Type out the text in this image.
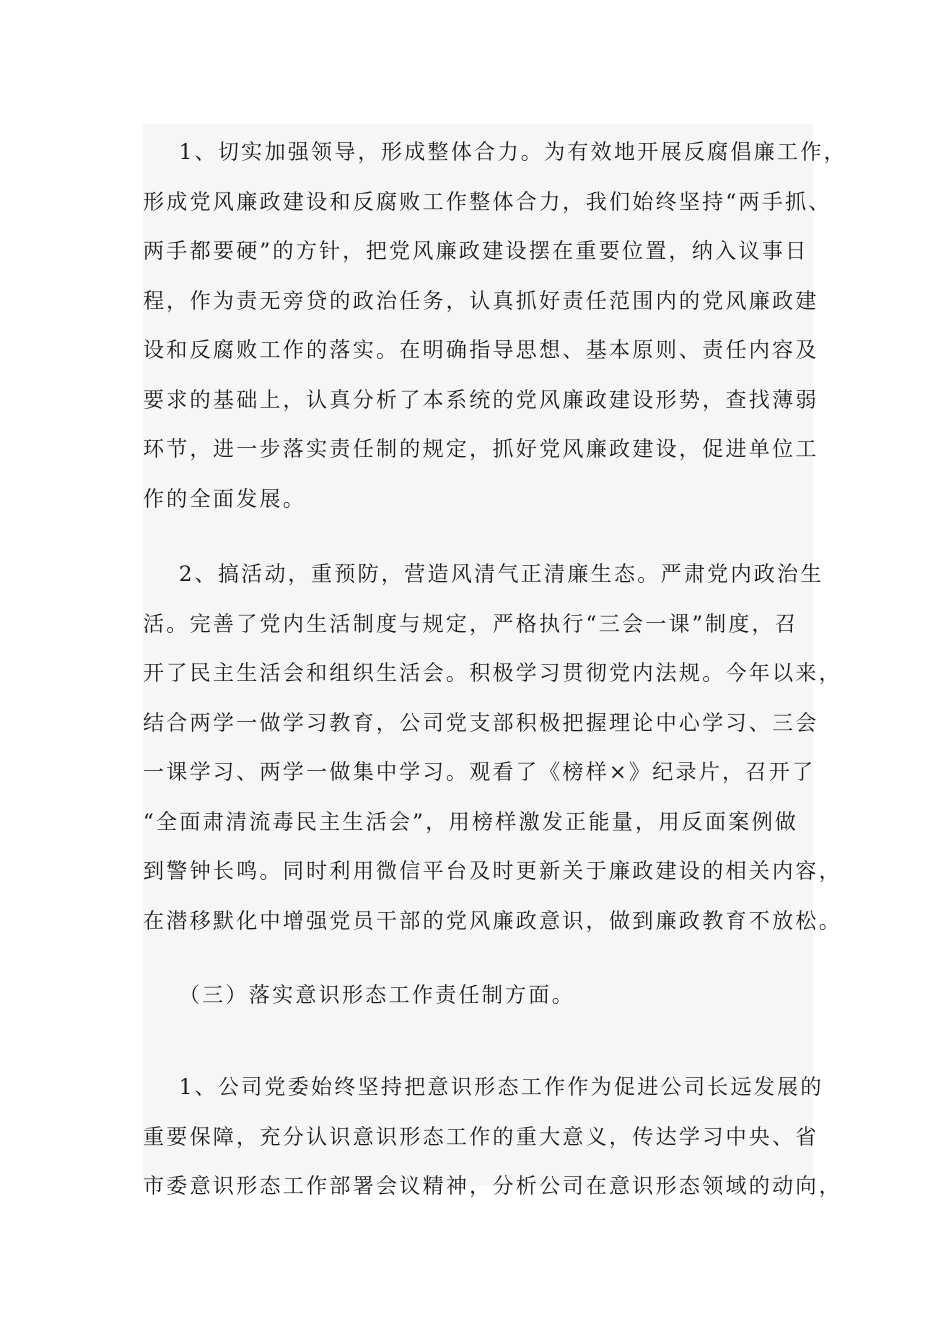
1、切实加强领导，形成整体合力。为有效地开展反腐倡廉工作，
形成党风廉政建设和反腐败工作整体合力，我们始终坚持“两手抓、
两手都要硬”的方针，把党风廉政建设摆在重要位置，纳入议事日
程，作为责无旁贷的政治任务，认真抓好责任范围内的党风廉政建
设和反腐败工作的落实。在明确指导思想、基本原则、责任内容及
要求的基础上，认真分析了本系统的党风廉政建设形势，查找薄弱
环节，进一步落实责任制的规定，抓好党风廉政建设，促进单位工
作的全面发展。
2、搞活动，重预防，营造风清气正清廉生态。严肃党内政治生
活。完善了党内生活制度与规定，严格执行“三会一课”制度，召
开了民主生活会和组织生活会。积极学习贯彻党内法规。今年以来，
结合两学一做学习教育，公司党支部积极把握理论中心学习、三会
一课学习、两学一做集中学习。观看了《榜样×》纪录片，召开了
“全面肃清流毒民主生活会”，用榜样激发正能量，用反面案例做
到警钟长鸣。同时利用微信平台及时更新关于廉政建设的相关内容，
在潜移默化中增强党员干部的党风廉政意识，做到廉政教育不放松。
（三）落实意识形态工作责任制方面。
1、公司党委始终坚持把意识形态工作作为促进公司长远发展的
重要保障，充分认识意识形态工作的重大意义，传达学习中央、省
市委意识形态工作部署会议精神，分析公司在意识形态领域的动向，
